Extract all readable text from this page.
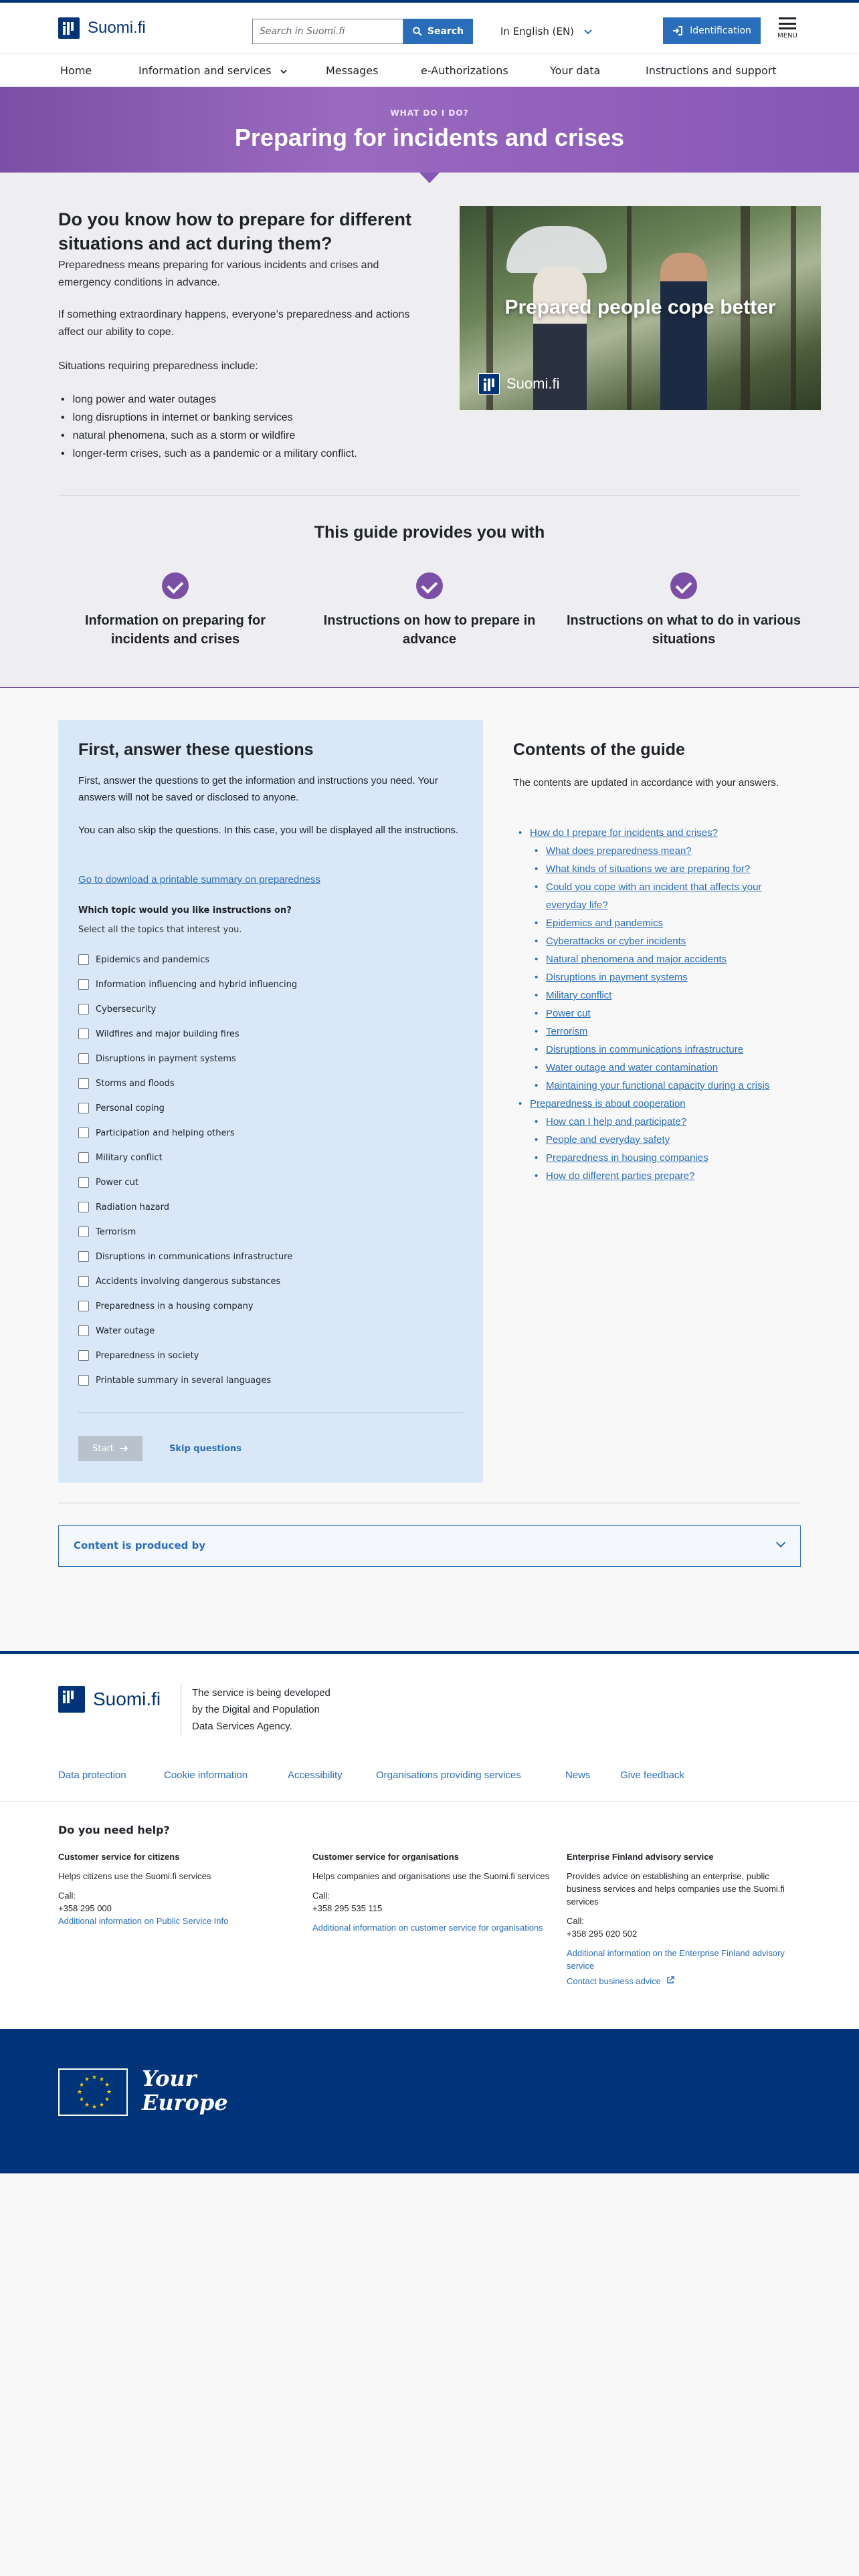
Suomi.fi	Search in Suomi.fi	Search	In English (EN)	Identification	MENU
Home	Information and services	Messages	e-Authorizations	Your data	Instructions and support
WHAT DO I DO?
Preparing for incidents and crises
Do you know how to prepare for different situations and act during them?

Preparedness means preparing for various incidents and crises and emergency conditions in advance.

If something extraordinary happens, everyone’s preparedness and actions affect our ability to cope.

Situations requiring preparedness include:

• long power and water outages
• long disruptions in internet or banking services
• natural phenomena, such as a storm or wildfire
• longer-term crises, such as a pandemic or a military conflict.
Prepared people cope better
Suomi.fi
This guide provides you with
Information on preparing for incidents and crises
Instructions on how to prepare in advance
Instructions on what to do in various situations
First, answer these questions

First, answer the questions to get the information and instructions you need. Your answers will not be saved or disclosed to anyone.

You can also skip the questions. In this case, you will be displayed all the instructions.

Go to download a printable summary on preparedness
Which topic would you like instructions on?
Select all the topics that interest you.
Epidemics and pandemics
Information influencing and hybrid influencing
Cybersecurity
Wildfires and major building fires
Disruptions in payment systems
Storms and floods
Personal coping
Participation and helping others
Military conflict
Power cut
Radiation hazard
Terrorism
Disruptions in communications infrastructure
Accidents involving dangerous substances
Preparedness in a housing company
Water outage
Preparedness in society
Printable summary in several languages
Start	Skip questions
Contents of the guide

The contents are updated in accordance with your answers.

• How do I prepare for incidents and crises?
• What does preparedness mean?
• What kinds of situations we are preparing for?
• Could you cope with an incident that affects your everyday life?
• Epidemics and pandemics
• Cyberattacks or cyber incidents
• Natural phenomena and major accidents
• Disruptions in payment systems
• Military conflict
• Power cut
• Terrorism
• Disruptions in communications infrastructure
• Water outage and water contamination
• Maintaining your functional capacity during a crisis
• Preparedness is about cooperation
• How can I help and participate?
• People and everyday safety
• Preparedness in housing companies
• How do different parties prepare?
Content is produced by
Suomi.fi	The service is being developed by the Digital and Population Data Services Agency.
Data protection	Cookie information	Accessibility	Organisations providing services	News	Give feedback
Do you need help?
Customer service for citizens
Helps citizens use the Suomi.fi services
Call:
+358 295 000
Additional information on Public Service Info
Customer service for organisations
Helps companies and organisations use the Suomi.fi services
Call:
+358 295 535 115
Additional information on customer service for organisations
Enterprise Finland advisory service
Provides advice on establishing an enterprise, public business services and helps companies use the Suomi.fi services
Call:
+358 295 020 502
Additional information on the Enterprise Finland advisory service
Contact business advice
★
★
★
★
★
★
★
★
★ ★ ★
★ Your
Europe
